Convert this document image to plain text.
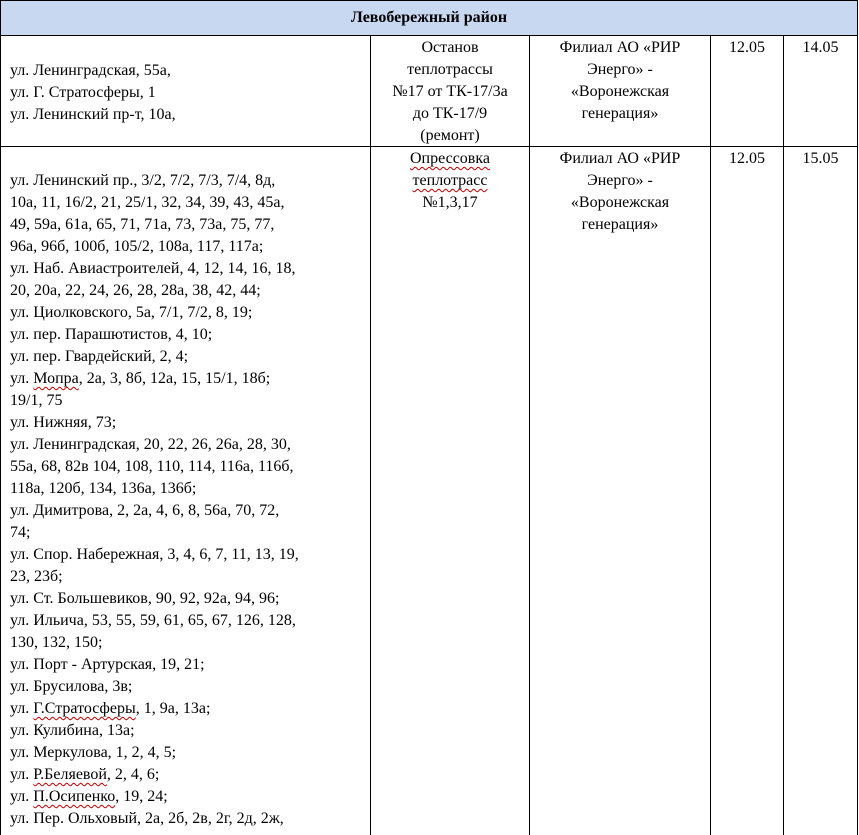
Левобережный район
ул. Ленинградская, 55а,
ул. Г. Стратосферы, 1
ул. Ленинский пр-т, 10а,
Останов
теплотрассы
№17 от ТК-17/3а
до ТК-17/9
(ремонт)
Филиал АО «РИР
Энерго» -
«Воронежская
генерация»
12.05	14.05
ул. Ленинский пр., 3/2, 7/2, 7/3, 7/4, 8д,
10а, 11, 16/2, 21, 25/1, 32, 34, 39, 43, 45а,
49, 59а, 61а, 65, 71, 71а, 73, 73а, 75, 77,
96а, 96б, 100б, 105/2, 108а, 117, 117а;
ул. Наб. Авиастроителей, 4, 12, 14, 16, 18,
20, 20а, 22, 24, 26, 28, 28а, 38, 42, 44;
ул. Циолковского, 5а, 7/1, 7/2, 8, 19;
ул. пер. Парашютистов, 4, 10;
ул. пер. Гвардейский, 2, 4;
ул. Мопра, 2а, 3, 8б, 12а, 15, 15/1, 18б;
19/1, 75
ул. Нижняя, 73;
ул. Ленинградская, 20, 22, 26, 26а, 28, 30,
55а, 68, 82в 104, 108, 110, 114, 116а, 116б,
118а, 120б, 134, 136а, 136б;
ул. Димитрова, 2, 2а, 4, 6, 8, 56а, 70, 72,
74;
ул. Спор. Набережная, 3, 4, 6, 7, 11, 13, 19,
23, 23б;
ул. Ст. Большевиков, 90, 92, 92а, 94, 96;
ул. Ильича, 53, 55, 59, 61, 65, 67, 126, 128,
130, 132, 150;
ул. Порт - Артурская, 19, 21;
ул. Брусилова, 3в;
ул. Г.Стратосферы, 1, 9а, 13а;
ул. Кулибина, 13а;
ул. Меркулова, 1, 2, 4, 5;
ул. Р.Беляевой, 2, 4, 6;
ул. П.Осипенко, 19, 24;
ул. Пер. Ольховый, 2а, 2б, 2в, 2г, 2д, 2ж,
Опрессовка
теплотрасс
№1,3,17
Филиал АО «РИР
Энерго» -
«Воронежская
генерация»
12.05	15.05
